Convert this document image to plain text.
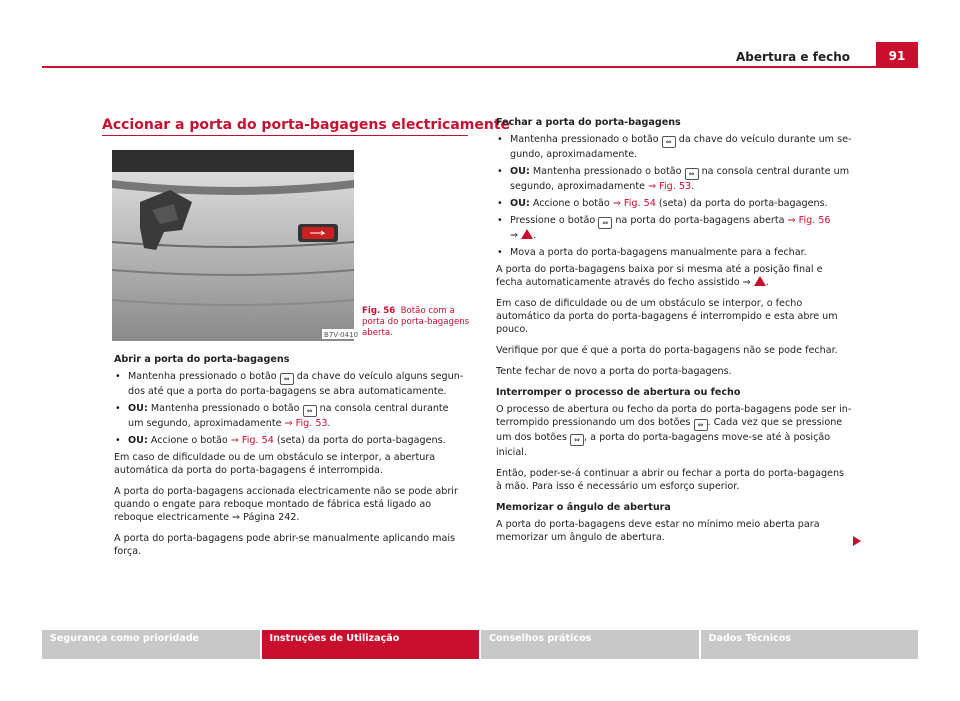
Abertura e fecho	91
Accionar a porta do porta-bagagens electricamente
B7V-0410
Fig. 56 Botão com a porta do porta-bagagens aberta.

Abrir a porta do porta-bagagens

• Mantenha pressionado o botão ⇔ da chave do veículo alguns segundos até que a porta do porta-bagagens se abra automaticamente.

• OU: Mantenha pressionado o botão ⇔ na consola central durante um segundo, aproximadamente ⇒ Fig. 53.

• OU: Accione o botão ⇒ Fig. 54 (seta) da porta do porta-bagagens.

Em caso de dificuldade ou de um obstáculo se interpor, a abertura automática da porta do porta-bagagens é interrompida.

A porta do porta-bagagens accionada electricamente não se pode abrir quando o engate para reboque montado de fábrica está ligado ao reboque electricamente ⇒ Página 242.

A porta do porta-bagagens pode abrir-se manualmente aplicando mais força.

Fechar a porta do porta-bagagens

• Mantenha pressionado o botão ⇔ da chave do veículo durante um segundo, aproximadamente.

• OU: Mantenha pressionado o botão ⇔ na consola central durante um segundo, aproximadamente ⇒ Fig. 53.

• OU: Accione o botão ⇒ Fig. 54 (seta) da porta do porta-bagagens.

• Pressione o botão ⇔ na porta do porta-bagagens aberta ⇒ Fig. 56
⇒ .

• Mova a porta do porta-bagagens manualmente para a fechar.

A porta do porta-bagagens baixa por si mesma até a posição final e fecha automaticamente através do fecho assistido ⇒ .

Em caso de dificuldade ou de um obstáculo se interpor, o fecho automático da porta do porta-bagagens é interrompido e esta abre um pouco.

Verifique por que é que a porta do porta-bagagens não se pode fechar.

Tente fechar de novo a porta do porta-bagagens.

Interromper o processo de abertura ou fecho

O processo de abertura ou fecho da porta do porta-bagagens pode ser interrompido pressionando um dos botões ⇔ . Cada vez que se pressione um dos botões ⇔ , a porta do porta-bagagens move-se até à posição inicial.

Então, poder-se-á continuar a abrir ou fechar a porta do porta-bagagens à mão. Para isso é necessário um esforço superior.

Memorizar o ângulo de abertura

A porta do porta-bagagens deve estar no mínimo meio aberta para memorizar um ângulo de abertura.

Segurança como prioridade	Instruções de Utilização	Conselhos práticos	Dados Técnicos
